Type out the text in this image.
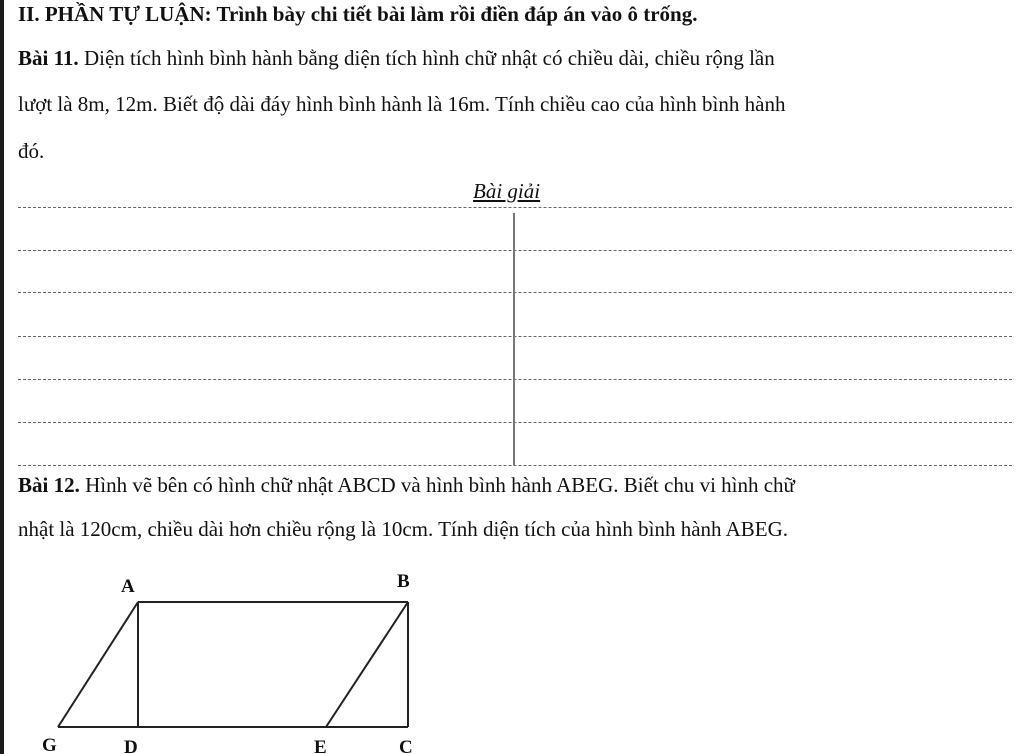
II. PHẦN TỰ LUẬN: Trình bày chi tiết bài làm rồi điền đáp án vào ô trống.
Bài 11. Diện tích hình bình hành bằng diện tích hình chữ nhật có chiều dài, chiều rộng lần
lượt là 8m, 12m. Biết độ dài đáy hình bình hành là 16m. Tính chiều cao của hình bình hành
đó.
Bài giải
Bài 12. Hình vẽ bên có hình chữ nhật ABCD và hình bình hành ABEG. Biết chu vi hình chữ
nhật là 120cm, chiều dài hơn chiều rộng là 10cm. Tính diện tích của hình bình hành ABEG.
A	B
G	D	E	C
